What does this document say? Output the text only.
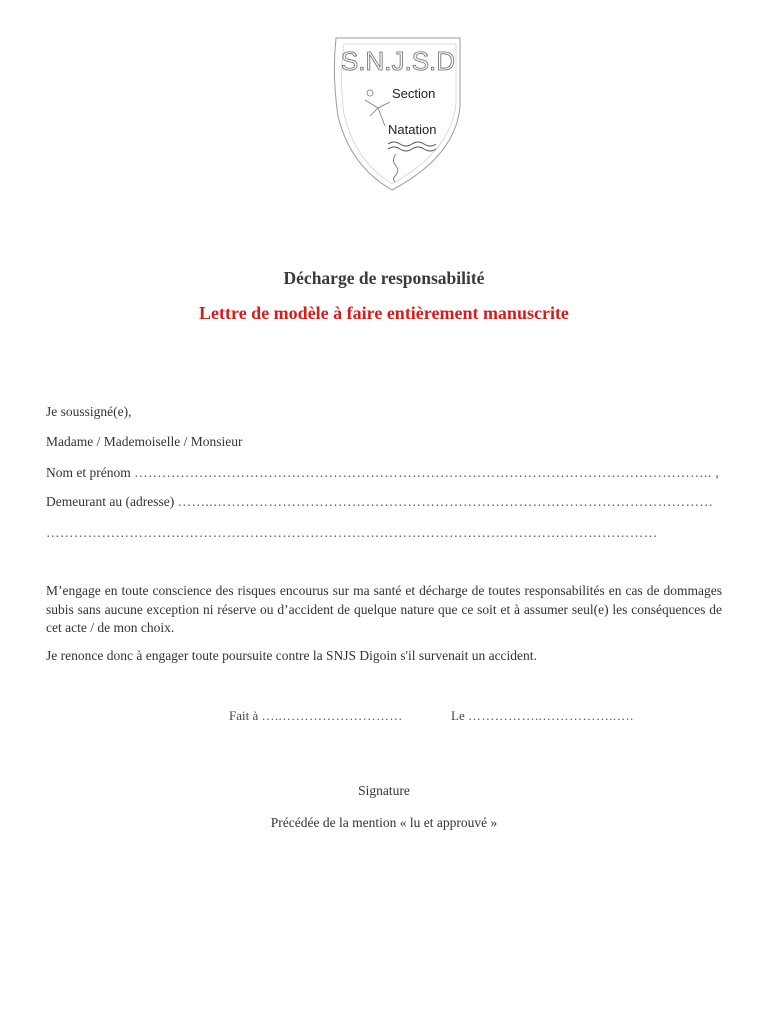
S.N.J.S.D
Section
Natation
Décharge de responsabilité
Lettre de modèle à faire entièrement manuscrite
Je soussigné(e),
Madame / Mademoiselle / Monsieur
Nom et prénom …………………………………………………………………………………………………………….. ,
Demeurant au (adresse) ……..………………………………………………………………………………………………
……………………………………………………………………………………………………………………
M’engage en toute conscience des risques encourus sur ma santé et décharge de toutes responsabilités en cas de dommages subis sans aucune exception ni réserve ou d’accident de quelque nature que ce soit et à assumer seul(e) les conséquences de cet acte / de mon choix.
Je renonce donc à engager toute poursuite contre la SNJS Digoin s'il survenait un accident.
Fait à …..………………………	Le ……………..……………..….
Signature
Précédée de la mention « lu et approuvé »
